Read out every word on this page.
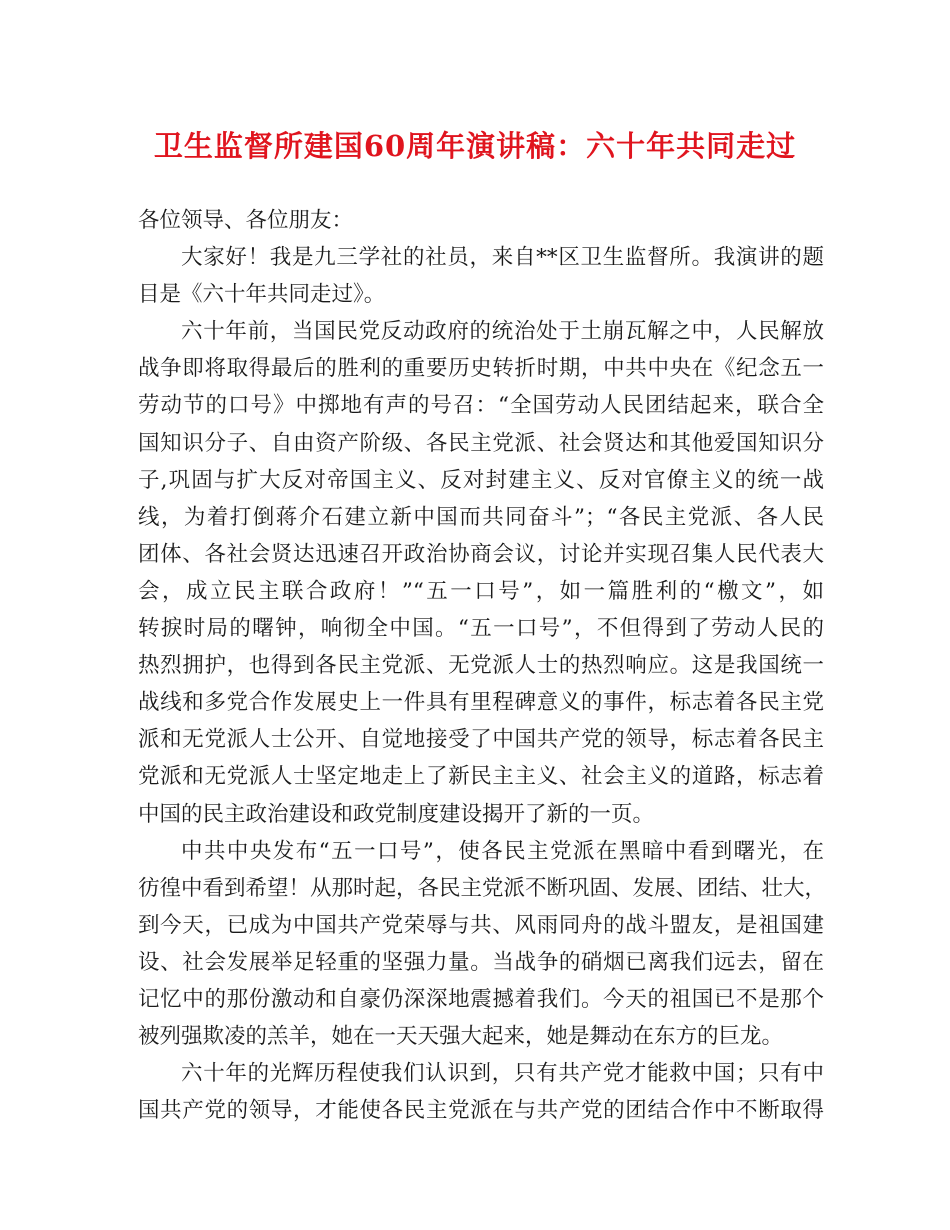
卫生监督所建国60周年演讲稿：六十年共同走过
各位领导、各位朋友：
大家好！我是九三学社的社员，来自**区卫生监督所。我演讲的题
目是《六十年共同走过》。
六十年前，当国民党反动政府的统治处于土崩瓦解之中，人民解放
战争即将取得最后的胜利的重要历史转折时期，中共中央在《纪念五一
劳动节的口号》中掷地有声的号召：“全国劳动人民团结起来，联合全
国知识分子、自由资产阶级、各民主党派、社会贤达和其他爱国知识分
子,巩固与扩大反对帝国主义、反对封建主义、反对官僚主义的统一战
线，为着打倒蒋介石建立新中国而共同奋斗”；“各民主党派、各人民
团体、各社会贤达迅速召开政治协商会议，讨论并实现召集人民代表大
会，成立民主联合政府！”“五一口号”，如一篇胜利的“檄文”，如
转捩时局的曙钟，响彻全中国。“五一口号”，不但得到了劳动人民的
热烈拥护，也得到各民主党派、无党派人士的热烈响应。这是我国统一
战线和多党合作发展史上一件具有里程碑意义的事件，标志着各民主党
派和无党派人士公开、自觉地接受了中国共产党的领导，标志着各民主
党派和无党派人士坚定地走上了新民主主义、社会主义的道路，标志着
中国的民主政治建设和政党制度建设揭开了新的一页。
中共中央发布“五一口号”，使各民主党派在黑暗中看到曙光，在
彷徨中看到希望！从那时起，各民主党派不断巩固、发展、团结、壮大，
到今天，已成为中国共产党荣辱与共、风雨同舟的战斗盟友，是祖国建
设、社会发展举足轻重的坚强力量。当战争的硝烟已离我们远去，留在
记忆中的那份激动和自豪仍深深地震撼着我们。今天的祖国已不是那个
被列强欺凌的羔羊，她在一天天强大起来，她是舞动在东方的巨龙。
六十年的光辉历程使我们认识到，只有共产党才能救中国；只有中
国共产党的领导，才能使各民主党派在与共产党的团结合作中不断取得
